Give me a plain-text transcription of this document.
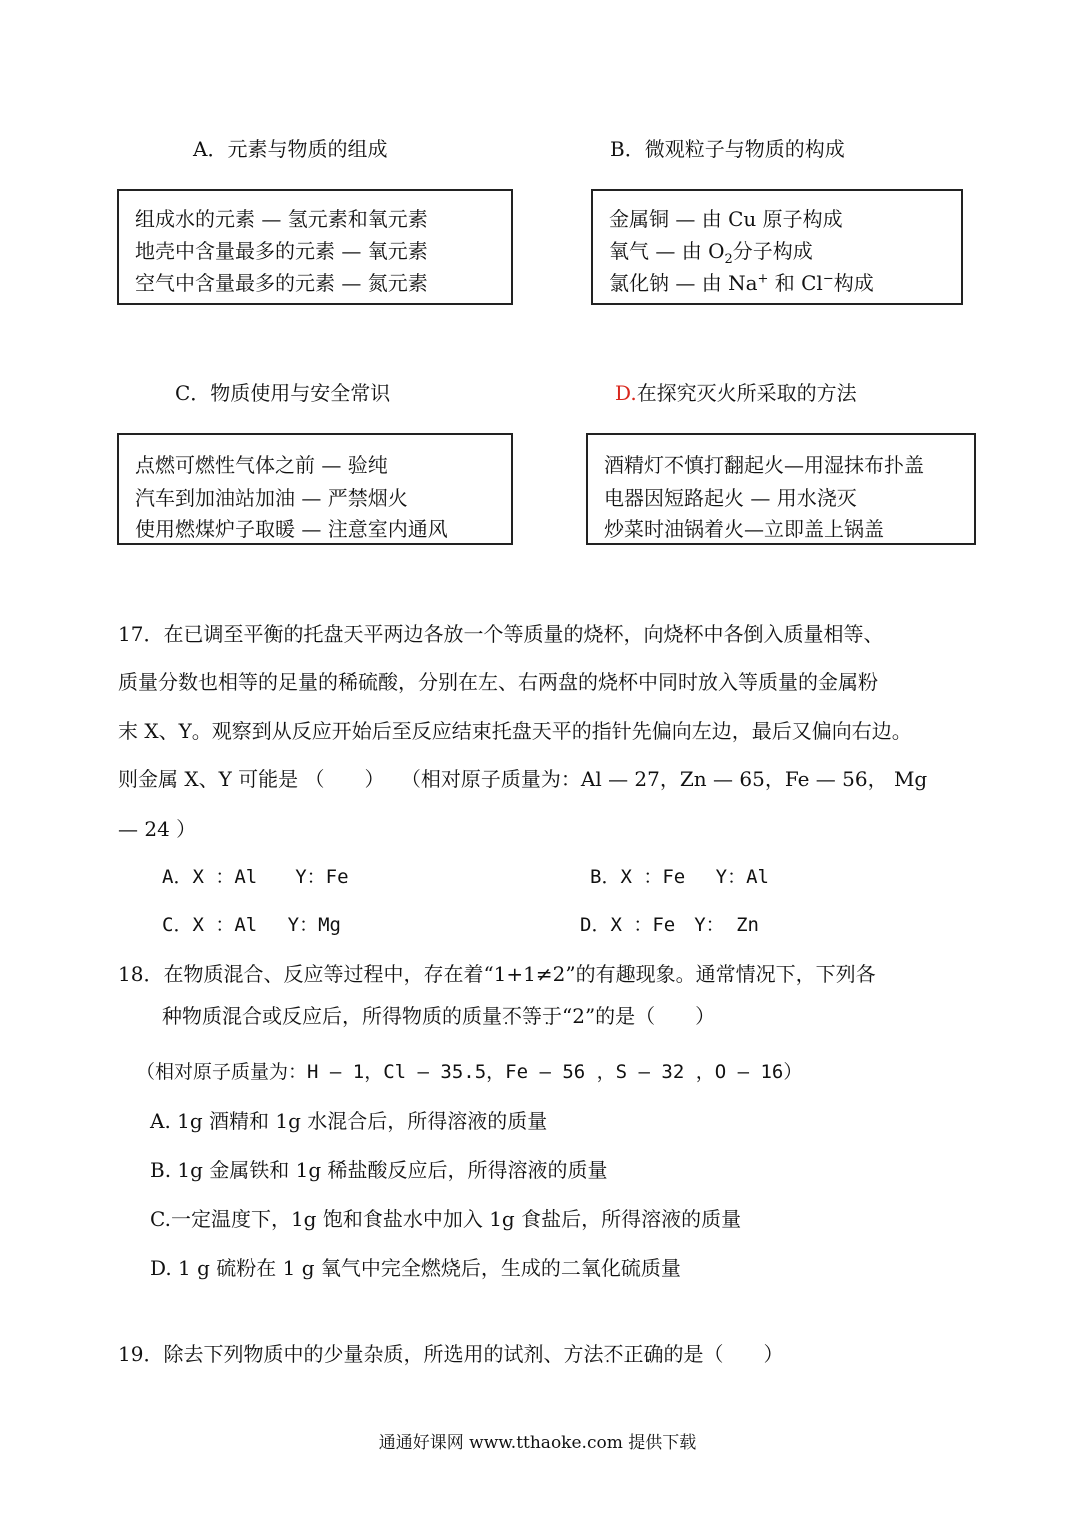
A．元素与物质的组成	B．微观粒子与物质的构成
组成水的元素 — 氢元素和氧元素
地壳中含量最多的元素 — 氧元素
空气中含量最多的元素 — 氮元素
金属铜 — 由 Cu 原子构成
氧气 — 由 $O_2$分子构成
氯化钠 — 由 Na+ 和 Cl−构成
C．物质使用与安全常识	D.在探究灭火所采取的方法
点燃可燃性气体之前 — 验纯
汽车到加油站加油 — 严禁烟火
使用燃煤炉子取暖 — 注意室内通风
酒精灯不慎打翻起火—用湿抹布扑盖
电器因短路起火 — 用水浇灭
炒菜时油锅着火—立即盖上锅盖
17．在已调至平衡的托盘天平两边各放一个等质量的烧杯，向烧杯中各倒入质量相等、
质量分数也相等的足量的稀硫酸，分别在左、右两盘的烧杯中同时放入等质量的金属粉
末 X、Y。观察到从反应开始后至反应结束托盘天平的指针先偏向左边，最后又偏向右边。
则金属 X、Y 可能是 （　　）　 （相对原子质量为：Al — 27，Zn — 65，Fe — 56， Mg
— 24 ）
A．X ：Al　　Y：Fe	B．X ：Fe　 Y：Al
C．X ：Al　 Y：Mg	D．X ：Fe　Y： Zn
18．在物质混合、反应等过程中，存在着“1+1≠2”的有趣现象。通常情况下，下列各
种物质混合或反应后，所得物质的质量不等于 • • •“2”的是（　　）
（相对原子质量为：H — 1，Cl — 35.5，Fe — 56 ，S — 32 ，O — 16）
A. 1g 酒精和 1g 水混合后，所得溶液的质量
B. 1g 金属铁和 1g 稀盐酸反应后，所得溶液的质量
C.一定温度下，1g 饱和食盐水中加入 1g 食盐后，所得溶液的质量
D. 1 g 硫粉在 1 g 氧气中完全燃烧后，生成的二氧化硫质量
19．除去下列物质中的少量杂质，所选用的试剂、方法不正确 • • •的是（　　）
通通好课网 www.tthaoke.com 提供下载
